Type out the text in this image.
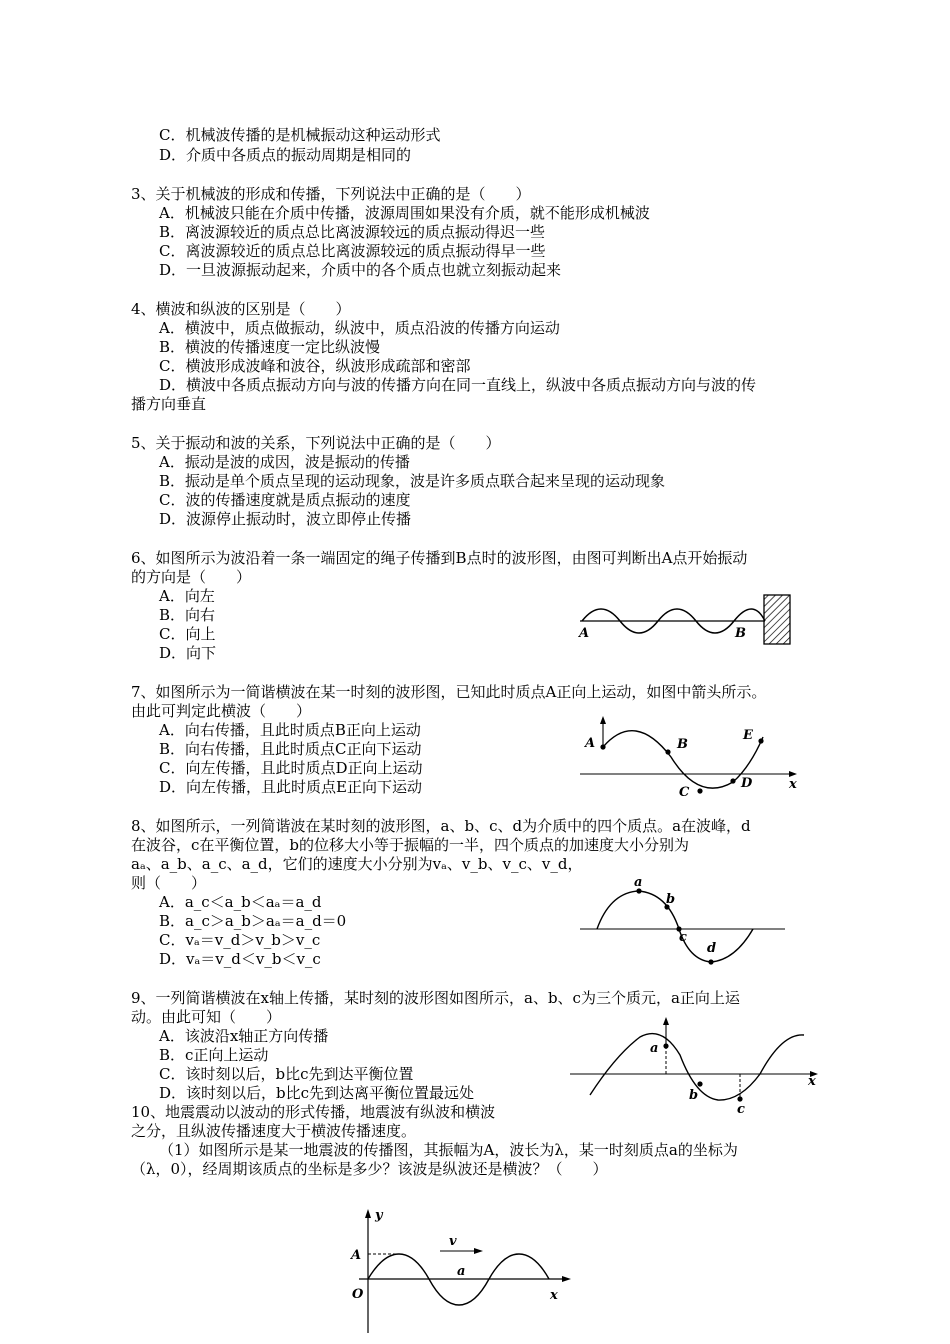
C．机械波传播的是机械振动这种运动形式
D．介质中各质点的振动周期是相同的
3、关于机械波的形成和传播，下列说法中正确的是（　　）
A．机械波只能在介质中传播，波源周围如果没有介质，就不能形成机械波
B．离波源较近的质点总比离波源较远的质点振动得迟一些
C．离波源较近的质点总比离波源较远的质点振动得早一些
D．一旦波源振动起来，介质中的各个质点也就立刻振动起来
4、横波和纵波的区别是（　　）
A．横波中，质点做振动，纵波中，质点沿波的传播方向运动
B．横波的传播速度一定比纵波慢
C．横波形成波峰和波谷，纵波形成疏部和密部
D．横波中各质点振动方向与波的传播方向在同一直线上，纵波中各质点振动方向与波的传
播方向垂直
5、关于振动和波的关系，下列说法中正确的是（　　）
A．振动是波的成因，波是振动的传播
B．振动是单个质点呈现的运动现象，波是许多质点联合起来呈现的运动现象
C．波的传播速度就是质点振动的速度
D．波源停止振动时，波立即停止传播
6、如图所示为波沿着一条一端固定的绳子传播到B点时的波形图，由图可判断出A点开始振动
的方向是（　　）
A．向左
B．向右
C．向上
D．向下
A	B
7、如图所示为一简谐横波在某一时刻的波形图，已知此时质点A正向上运动，如图中箭头所示。
由此可判定此横波（　　）
A．向右传播，且此时质点B正向上运动
B．向右传播，且此时质点C正向下运动
C．向左传播，且此时质点D正向上运动
D．向左传播，且此时质点E正向下运动
A	B
C
D
E
x
8、如图所示，一列简谐波在某时刻的波形图，a、b、c、d为介质中的四个质点。a在波峰，d
在波谷，c在平衡位置，b的位移大小等于振幅的一半，四个质点的加速度大小分别为
aₐ、a_b、a_c、a_d，它们的速度大小分别为vₐ、v_b、v_c、v_d，
则（　　）
A．a_c＜a_b＜aₐ＝a_d
B．a_c＞a_b＞aₐ＝a_d＝0
C．vₐ＝v_d＞v_b＞v_c
D．vₐ＝v_d＜v_b＜v_c
a
b
c
d
9、一列简谐横波在x轴上传播，某时刻的波形图如图所示，a、b、c为三个质元，a正向上运
动。由此可知（　　）
A．该波沿x轴正方向传播
B．c正向上运动
C．该时刻以后，b比c先到达平衡位置
D．该时刻以后，b比c先到达离平衡位置最远处
a
b
c
x
10、地震震动以波动的形式传播，地震波有纵波和横波
之分，且纵波传播速度大于横波传播速度。
（1）如图所示是某一地震波的传播图，其振幅为A，波长为λ，某一时刻质点a的坐标为
（λ，0），经周期该质点的坐标是多少？该波是纵波还是横波？（　　）
y
A
O
v
a
x
